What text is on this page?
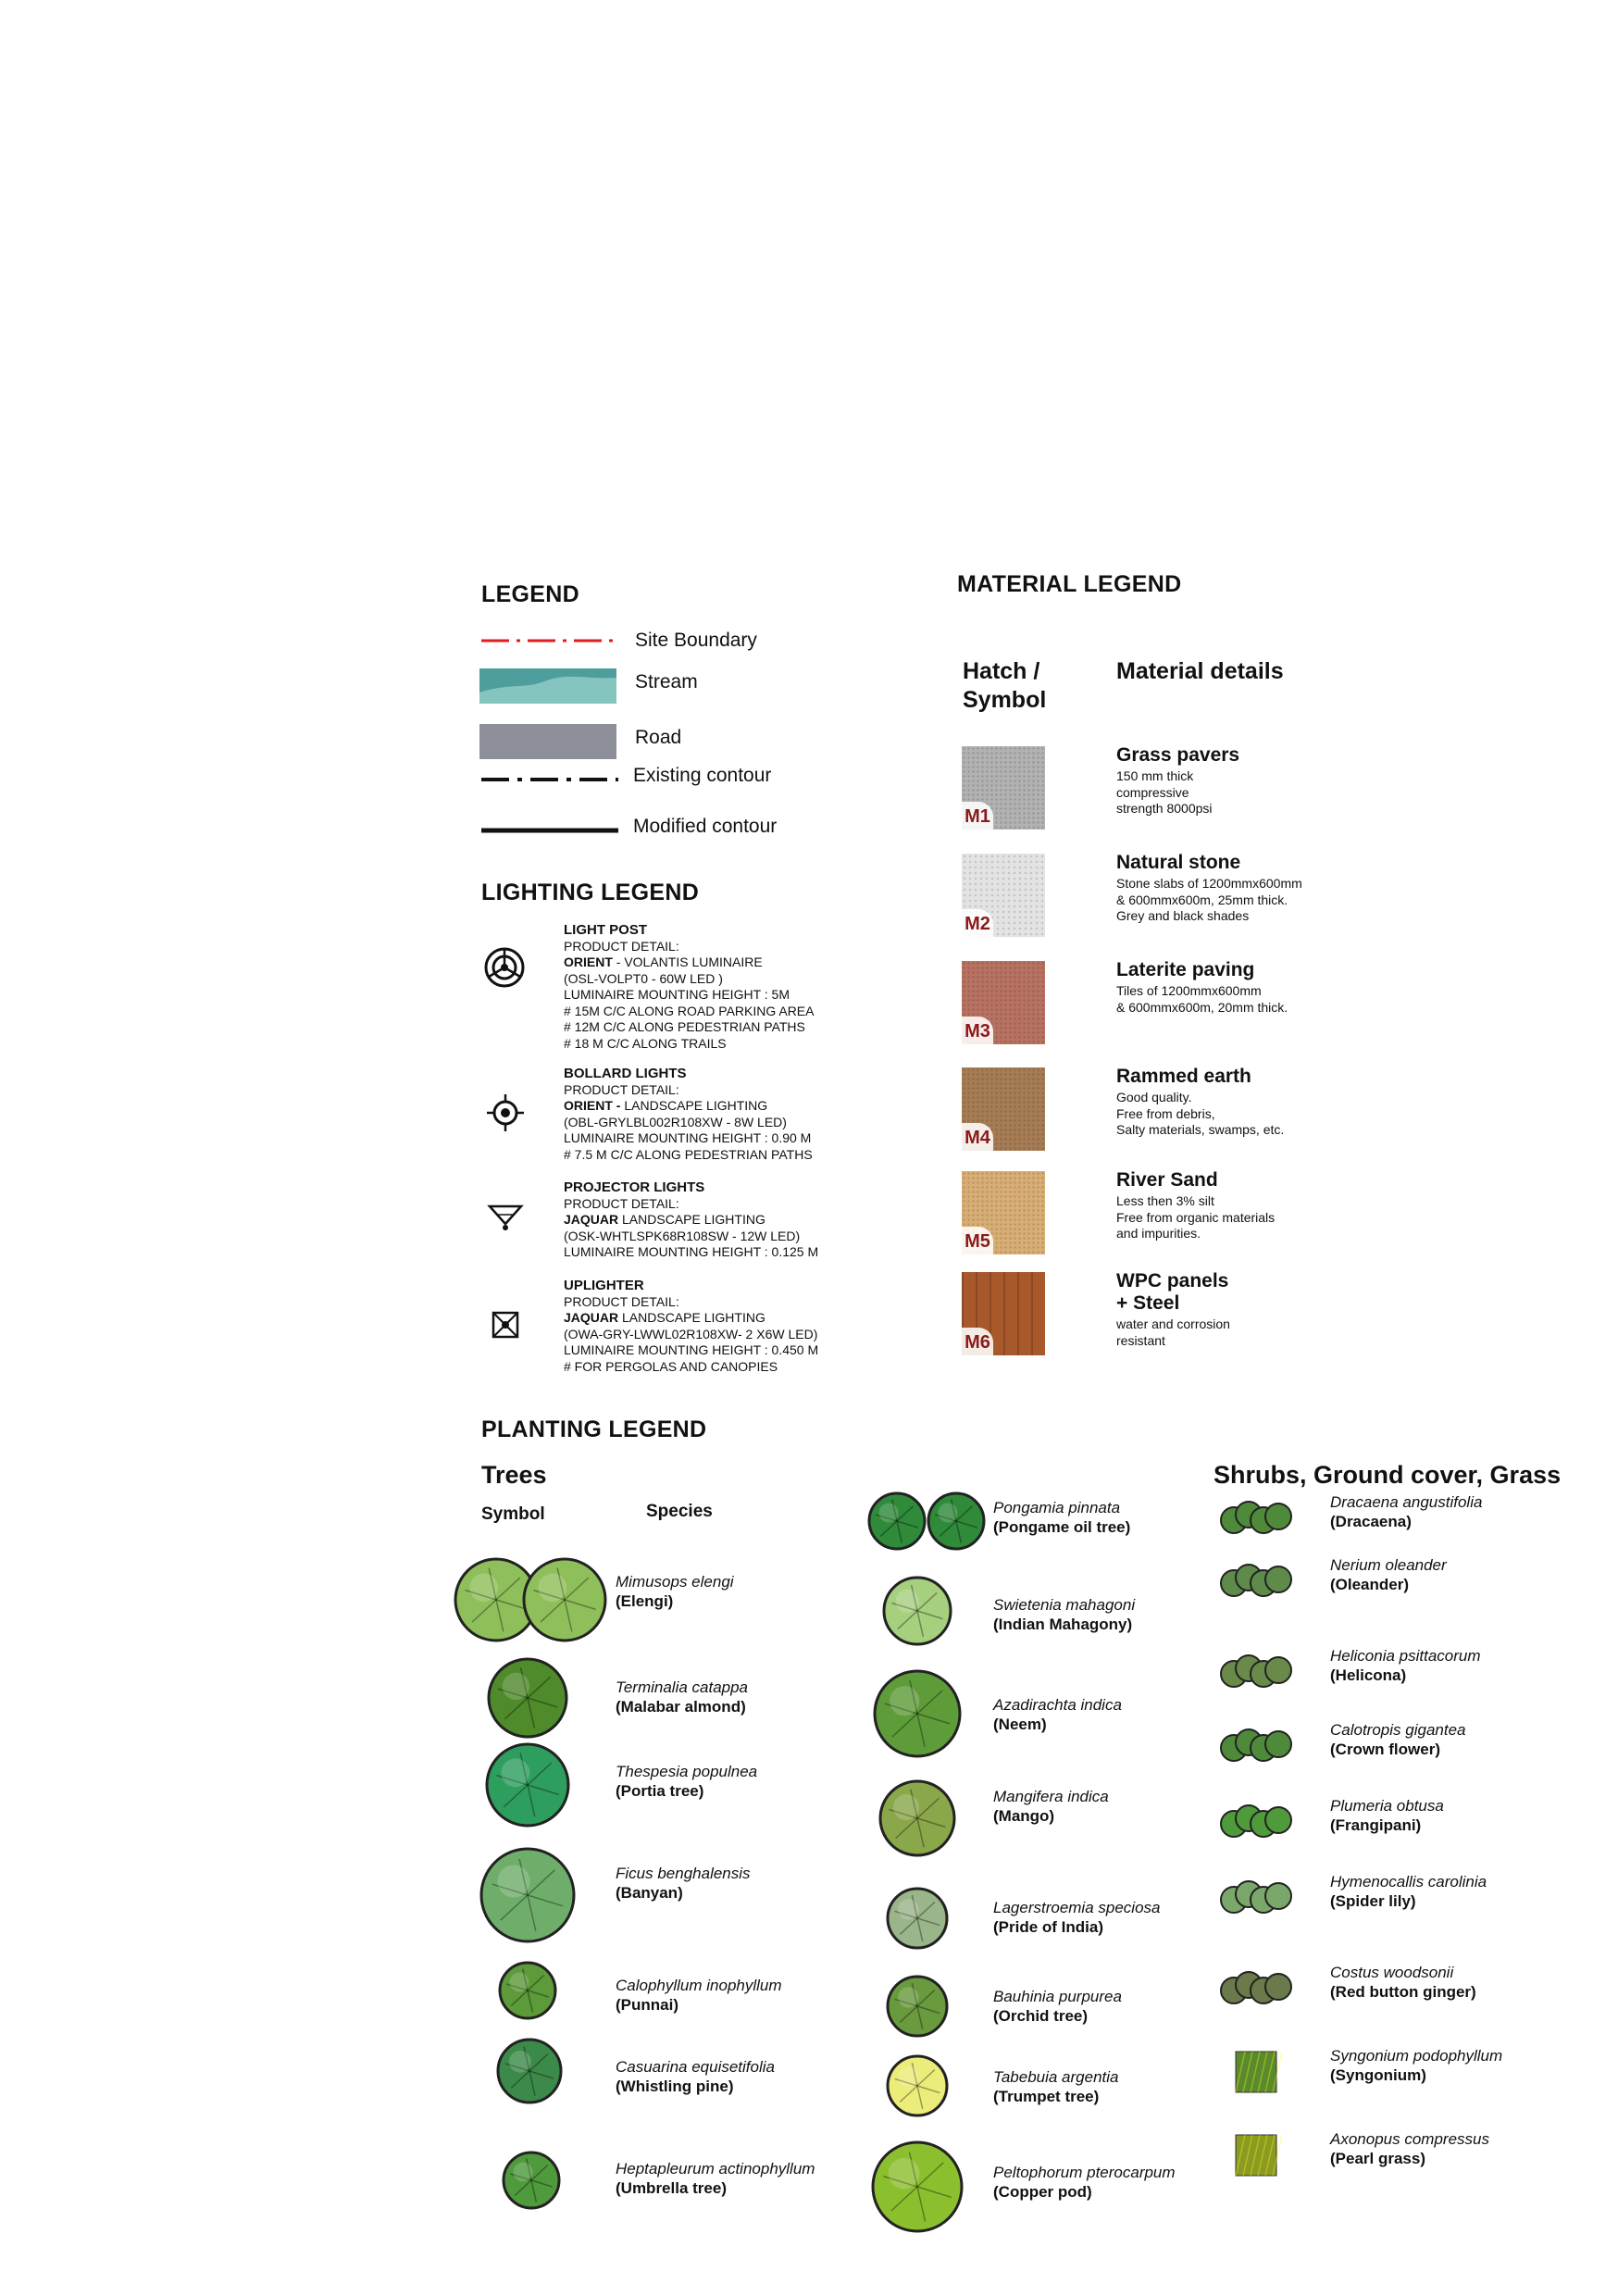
LEGEND
Site Boundary
Stream
Road
Existing contour
Modified contour
LIGHTING LEGEND
LIGHT POST
PRODUCT DETAIL:
ORIENT - VOLANTIS LUMINAIRE
(OSL-VOLPT0 - 60W LED )
LUMINAIRE MOUNTING HEIGHT : 5M
# 15M C/C ALONG ROAD PARKING AREA
# 12M C/C ALONG PEDESTRIAN PATHS
# 18 M C/C ALONG TRAILS
BOLLARD LIGHTS
PRODUCT DETAIL:
ORIENT - LANDSCAPE LIGHTING
(OBL-GRYLBL002R108XW - 8W LED)
LUMINAIRE MOUNTING HEIGHT : 0.90 M
# 7.5 M C/C ALONG PEDESTRIAN PATHS
PROJECTOR LIGHTS
PRODUCT DETAIL:
JAQUAR LANDSCAPE LIGHTING
(OSK-WHTLSPK68R108SW - 12W LED)
LUMINAIRE MOUNTING HEIGHT : 0.125 M
UPLIGHTER
PRODUCT DETAIL:
JAQUAR LANDSCAPE LIGHTING
(OWA-GRY-LWWL02R108XW- 2 X6W LED)
LUMINAIRE MOUNTING HEIGHT : 0.450 M
# FOR PERGOLAS AND CANOPIES
MATERIAL LEGEND
Hatch /
Symbol
Material details
M1
Grass pavers
150 mm thick
compressive
strength 8000psi
M2
Natural stone
Stone slabs of 1200mmx600mm
& 600mmx600m, 25mm thick.
Grey and black shades
M3
Laterite paving
Tiles of 1200mmx600mm
& 600mmx600m, 20mm thick.
M4
Rammed earth
Good quality.
Free from debris,
Salty materials, swamps, etc.
M5
River Sand
Less then 3% silt
Free from organic materials
and impurities.
M6
WPC panels
+ Steel
water and corrosion
resistant
PLANTING LEGEND
Trees
Symbol	Species
Shrubs, Ground cover, Grass
Mimusops elengi
(Elengi)
Terminalia catappa
(Malabar almond)
Thespesia populnea
(Portia tree)
Ficus benghalensis
(Banyan)
Calophyllum inophyllum
(Punnai)
Casuarina equisetifolia
(Whistling pine)
Heptapleurum actinophyllum
(Umbrella tree)
Pongamia pinnata
(Pongame oil tree)
Swietenia mahagoni
(Indian Mahagony)
Azadirachta indica
(Neem)
Mangifera indica
(Mango)
Lagerstroemia speciosa
(Pride of India)
Bauhinia purpurea
(Orchid tree)
Tabebuia argentia
(Trumpet tree)
Peltophorum pterocarpum
(Copper pod)
Dracaena angustifolia
(Dracaena)
Nerium oleander
(Oleander)
Heliconia psittacorum
(Helicona)
Calotropis gigantea
(Crown flower)
Plumeria obtusa
(Frangipani)
Hymenocallis carolinia
(Spider lily)
Costus woodsonii
(Red button ginger)
Syngonium podophyllum
(Syngonium)
Axonopus compressus
(Pearl grass)
